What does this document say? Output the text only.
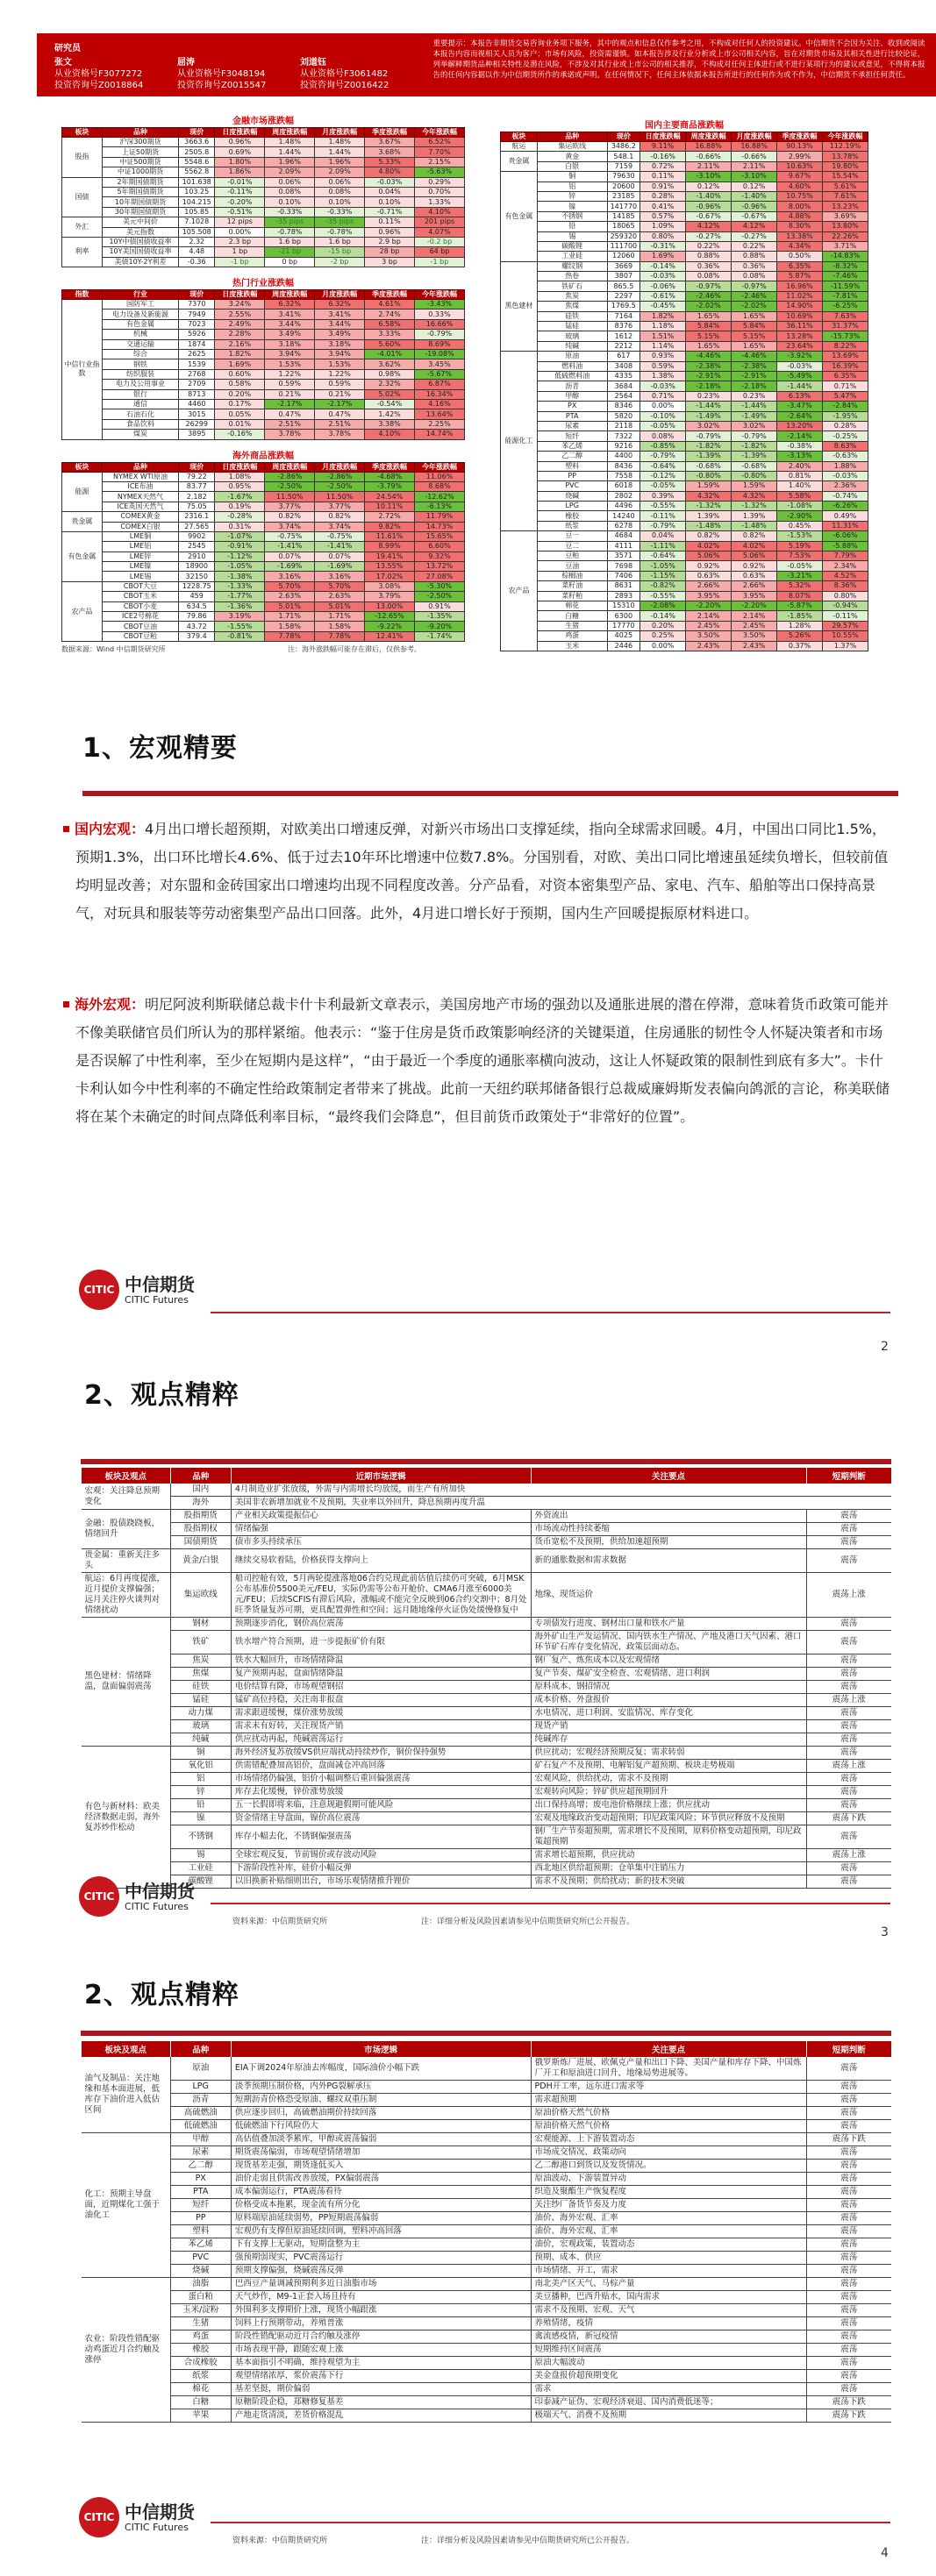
研究员
张文
从业资格号F3077272
投资咨询号Z0018864
屈涛
从业资格号F3048194
投资咨询号Z0015547
刘道钰
从业资格号F3061482
投资咨询号Z0016422
重要提示：本报告非期货交易咨询业务项下服务，其中的观点和信息仅作参考之用，不构成对任何人的投资建议。中信期货不会因为关注、收到或阅读本报告内容而视相关人员为客户；市场有风险，投资需谨慎。如本报告涉及行业分析或上市公司相关内容，旨在对期货市场及其相关性进行比较论证，列举解释期货品种相关特性及潜在风险，不涉及对其行业或上市公司的相关推荐，不构成对任何主体进行或不进行某项行为的建议或意见，不得将本报告的任何内容据以作为中信期货所作的承诺或声明。在任何情况下，任何主体依据本报告所进行的任何作为或不作为，中信期货不承担任何责任。
金融市场涨跌幅
板块	品种	现价	日度涨跌幅	周度涨跌幅	月度涨跌幅	季度涨跌幅	今年涨跌幅
股指	沪深300期货	3663.6	0.96%	1.48%	1.48%	3.67%	6.52%
	上证50期货	2505.8	0.69%	1.44%	1.44%	3.68%	7.70%
	中证500期货	5548.6	1.80%	1.96%	1.96%	5.33%	2.15%
	中证1000期货	5562.8	1.86%	2.09%	2.09%	4.80%	-5.63%
国债	2年期国债期货	101.638	-0.01%	0.06%	0.06%	-0.03%	0.29%
	5年期国债期货	103.25	-0.11%	0.08%	0.08%	0.04%	0.70%
	10年期国债期货	104.215	-0.20%	0.10%	0.10%	0.10%	1.33%
	30年期国债期货	105.85	-0.51%	-0.33%	-0.33%	-0.71%	4.10%
外汇	美元中间价	7.1028	12 pips	-35 pips	-35 pips	0.11%	201 pips
	美元指数	105.508	0.00%	-0.78%	-0.78%	0.96%	4.07%
利率	10Y中债国债收益率	2.32	2.3 bp	1.6 bp	1.6 bp	2.9 bp	-0.2 bp
	10Y美国国债收益率	4.48	1 bp	-21 bp	-15 bp	28 bp	64 bp
	美债10Y-2Y利差	-0.36	-1 bp	0 bp	-2 bp	3 bp	-1 bp
热门行业涨跌幅
指数	行业	现价	日度涨跌幅	周度涨跌幅	月度涨跌幅	季度涨跌幅	今年涨跌幅
中信行业指数	国防军工	7370	3.24%	6.32%	6.32%	4.61%	-3.43%
	电力设备及新能源	7949	2.55%	3.41%	3.41%	2.74%	0.33%
	有色金属	7023	2.49%	3.44%	3.44%	6.58%	16.66%
	机械	5926	2.28%	3.49%	3.49%	3.33%	-0.79%
	交通运输	1874	2.16%	3.18%	3.18%	5.60%	8.69%
	综合	2625	1.82%	3.94%	3.94%	-4.01%	-19.08%
	钢铁	1539	1.69%	1.53%	1.53%	3.62%	3.45%
	纺织服装	2768	0.60%	1.22%	1.22%	0.98%	-5.67%
	电力及公用事业	2709	0.58%	0.59%	0.59%	2.32%	6.87%
	银行	8713	0.20%	0.21%	0.21%	5.02%	16.34%
	通信	4460	0.17%	-2.17%	-2.17%	-0.54%	4.16%
	石油石化	3015	0.05%	0.47%	0.47%	1.42%	13.64%
	食品饮料	26299	0.01%	2.51%	2.51%	3.38%	2.25%
	煤炭	3895	-0.16%	3.78%	3.78%	4.10%	14.74%
海外商品涨跌幅
板块	品种	现价	日度涨跌幅	周度涨跌幅	月度涨跌幅	季度涨跌幅	今年涨跌幅
能源	NYMEX WTI原油	79.22	1.08%	-2.86%	-2.86%	-4.68%	11.06%
	ICE布油	83.77	0.95%	-2.50%	-2.50%	-3.79%	8.68%
	NYMEX天然气	2.182	-1.67%	11.50%	11.50%	24.54%	-12.62%
	ICE英国天然气	75.05	0.19%	3.77%	3.77%	10.11%	-6.13%
贵金属	COMEX黄金	2316.1	-0.28%	0.82%	0.82%	2.72%	11.79%
	COMEX白银	27.565	0.31%	3.74%	3.74%	9.82%	14.73%
有色金属	LME铜	9902	-1.07%	-0.75%	-0.75%	11.61%	15.65%
	LME铝	2545	-0.91%	-1.41%	-1.41%	8.99%	6.60%
	LME锌	2910	-1.12%	0.07%	0.07%	19.41%	9.32%
	LME镍	18900	-1.05%	-1.69%	-1.69%	13.55%	13.72%
	LME锡	32150	-1.38%	3.16%	3.16%	17.02%	27.08%
农产品	CBOT大豆	1228.75	-1.33%	5.70%	5.70%	3.08%	-5.30%
	CBOT玉米	459	-1.77%	2.63%	2.63%	3.79%	-2.50%
	CBOT小麦	634.5	-1.36%	5.01%	5.01%	13.00%	0.91%
	ICE2号棉花	79.86	3.19%	1.71%	1.71%	-12.65%	-1.35%
	CBOT豆油	43.72	-1.55%	1.58%	1.58%	-9.22%	-9.20%
	CBOT豆粕	379.4	-0.81%	7.78%	7.78%	12.41%	-1.74%
数据来源：Wind 中信期货研究所	注：海外涨跌幅可能存在滞后，仅供参考。
国内主要商品涨跌幅
板块	品种	现价	日度涨跌幅	周度涨跌幅	月度涨跌幅	季度涨跌幅	今年涨跌幅
航运	集运欧线	3486.2	9.11%	16.88%	16.88%	90.13%	112.19%
贵金属	黄金	548.1	-0.16%	-0.66%	-0.66%	2.99%	13.78%
	白银	7159	0.72%	2.11%	2.11%	10.63%	19.80%
有色金属	铜	79630	0.11%	-3.10%	-3.10%	9.67%	15.54%
	铝	20600	0.91%	0.12%	0.12%	4.60%	5.61%
	锌	23185	0.28%	-1.40%	-1.40%	10.75%	7.61%
	镍	141770	0.41%	-0.96%	-0.96%	8.00%	13.23%
	不锈钢	14185	0.57%	-0.67%	-0.67%	4.88%	3.69%
	铅	18065	1.09%	4.12%	4.12%	8.30%	13.80%
	锡	259320	0.80%	-0.27%	-0.27%	13.38%	22.26%
	碳酸锂	111700	-0.31%	0.22%	0.22%	4.34%	3.71%
	工业硅	12060	1.69%	0.88%	0.88%	0.50%	-14.83%
黑色建材	螺纹钢	3669	-0.14%	0.36%	0.36%	6.35%	-8.32%
	热卷	3807	-0.03%	0.08%	0.08%	5.87%	-7.46%
	铁矿石	865.5	-0.06%	-0.97%	-0.97%	16.96%	-11.59%
	焦炭	2297	-0.61%	-2.46%	-2.46%	11.02%	-7.81%
	焦煤	1769.5	-0.45%	-2.02%	-2.02%	14.90%	-6.25%
	硅铁	7164	1.82%	1.65%	1.65%	10.69%	7.63%
	锰硅	8376	1.18%	5.84%	5.84%	36.11%	31.37%
	玻璃	1612	1.51%	5.15%	5.15%	13.28%	-15.73%
	纯碱	2212	1.14%	1.65%	1.65%	23.64%	8.22%
能源化工	原油	617	0.93%	-4.46%	-4.46%	-3.92%	13.69%
	燃料油	3408	0.59%	-2.38%	-2.38%	-0.03%	16.39%
	低硫燃料油	4335	1.38%	-2.91%	-2.91%	-5.49%	6.35%
	沥青	3684	-0.03%	-2.18%	-2.18%	-1.44%	0.71%
	甲醇	2564	0.71%	0.23%	0.23%	6.13%	5.47%
	PX	8346	0.00%	-1.44%	-1.44%	-3.47%	-2.84%
	PTA	5820	-0.10%	-1.49%	-1.49%	-2.64%	-1.95%
	尿素	2118	-0.05%	3.02%	3.02%	13.20%	0.28%
	短纤	7322	0.08%	-0.79%	-0.79%	-2.14%	-0.25%
	苯乙烯	9216	-0.85%	-1.82%	-1.82%	-0.38%	8.63%
	乙二醇	4400	-0.79%	-1.39%	-1.39%	-3.13%	-0.63%
	塑料	8436	-0.64%	-0.68%	-0.68%	2.40%	1.88%
	PP	7558	-0.12%	-0.80%	-0.80%	0.81%	-0.03%
	PVC	6018	-0.05%	1.59%	1.59%	1.40%	2.36%
	烧碱	2802	0.39%	4.32%	4.32%	5.58%	-0.74%
	LPG	4496	-0.55%	-1.32%	-1.32%	-1.08%	-6.26%
	橡胶	14240	-0.11%	1.39%	1.39%	-2.90%	0.49%
	纸浆	6278	-0.79%	-1.48%	-1.48%	0.45%	11.31%
农产品	豆一	4684	0.04%	0.82%	0.82%	-1.53%	-6.06%
	豆二	4111	-1.11%	4.02%	4.02%	5.19%	-5.88%
	豆粕	3571	-0.64%	5.06%	5.06%	7.53%	7.79%
	豆油	7698	-1.05%	0.92%	0.92%	-0.05%	2.34%
	棕榈油	7406	-1.15%	0.63%	0.63%	-3.21%	4.52%
	菜籽油	8631	-0.82%	2.66%	2.66%	5.32%	8.36%
	菜籽粕	2893	-0.55%	3.95%	3.95%	8.07%	0.80%
	棉花	15310	-2.08%	-2.20%	-2.20%	-5.87%	-0.94%
	白糖	6300	-0.14%	2.14%	2.14%	-1.85%	-0.11%
	生猪	17770	0.20%	2.45%	2.45%	1.28%	29.57%
	鸡蛋	4025	0.25%	3.50%	3.50%	5.26%	10.55%
	玉米	2446	0.00%	2.43%	2.43%	0.37%	1.37%
1、宏观精要
国内宏观：4月出口增长超预期，对欧美出口增速反弹，对新兴市场出口支撑延续，指向全球需求回暖。4月，中国出口同比1.5%，预期1.3%，出口环比增长4.6%、低于过去10年环比增速中位数7.8%。分国别看，对欧、美出口同比增速虽延续负增长，但较前值均明显改善；对东盟和金砖国家出口增速均出现不同程度改善。分产品看，对资本密集型产品、家电、汽车、船舶等出口保持高景气，对玩具和服装等劳动密集型产品出口回落。此外，4月进口增长好于预期，国内生产回暖提振原材料进口。
海外宏观：明尼阿波利斯联储总裁卡什卡利最新文章表示，美国房地产市场的强劲以及通胀进展的潜在停滞，意味着货币政策可能并不像美联储官员们所认为的那样紧缩。他表示：“鉴于住房是货币政策影响经济的关键渠道，住房通胀的韧性令人怀疑决策者和市场是否误解了中性利率，至少在短期内是这样”，“由于最近一个季度的通胀率横向波动，这让人怀疑政策的限制性到底有多大”。卡什卡利认如今中性利率的不确定性给政策制定者带来了挑战。此前一天纽约联邦储备银行总裁威廉姆斯发表偏向鸽派的言论，称美联储将在某个未确定的时间点降低利率目标，“最终我们会降息”，但目前货币政策处于“非常好的位置”。
CITIC 中信期货
CITIC Futures
2
2、观点精粹
板块及观点	品种	近期市场逻辑	关注要点	短期判断
宏观：关注降息预期变化	国内	4月制造业扩张放缓，外需与内需增长均放缓，而生产有所加快		
	海外	美国非农新增加就业不及预期，失业率以外回升，降息预期再度升温		
金融：股债跷跷板，情绪回升	股指期货	产业相关政策提振信心	外资流出	震荡
	股指期权	情绪偏强	市场流动性持续萎缩	震荡
	国债期货	债市多头持续承压	货币宽松不及预期，供给加速超预期	震荡
贵金属：重新关注多头	黄金/白银	继续交易软着陆，价格获得支撑向上	新的通胀数据和需求数据	震荡
航运：6月再度提涨，近月提价支撑偏强；远月关注停火谈判对情绪扰动	集运欧线	船司控舱有效，5月两轮提涨落地06合约兑现此前估值后续仍可突破，6月MSK公布基准价5500美元/FEU，实际仍需等公布开舱价、CMA6月涨至6000美元/FEU；后续SCFIS有滞后风险，涨幅或不能完全反映到06合约交割中；8月处旺季货量复苏可期，更具配置弹性和空间；远月随地缘停火证伪处缓慢修复中	地缘、现货运价	震荡上涨
黑色建材：情绪降温，盘面偏弱震荡	钢材	预期逐步消化，钢价高位震荡	专项债发行进度、钢材出口量和铁水产量	震荡
	铁矿	铁水增产符合预期，进一步提振矿价有限	海外矿山生产发运情况、国内铁水生产情况、产地及港口天气因素、港口环节矿石库存变化情况、政策层面动态。	震荡
	焦炭	铁水大幅回升，市场情绪降温	钢厂复产、炼焦成本以及宏观情绪	震荡
	焦煤	复产预期再起，盘面情绪降温	复产节奏、煤矿安全检查、宏观情绪、进口利润	震荡
	硅铁	电价结算有降，市场观望钢招	原料成本、钢招情况	震荡
	锰硅	锰矿高位持稳，关注南非报盘	成本价格、外盘报价	震荡上涨
	动力煤	需求跟进缓慢，煤价涨势放缓	水电情况、进口利润、安监情况、库存变化	震荡
	玻璃	需求未有好转，关注现货产销	现货产销	震荡
	纯碱	供应扰动再起，纯碱震荡运行	纯碱库存	震荡
有色与新材料：欧美经济数据走弱，海外复苏炒作松动	铜	海外经济复苏放缓VS供应端扰动持续炒作，铜价保持强势	供应扰动；宏观经济预期反复；需求转弱	震荡
	氧化铝	供需错配叠加高铝价，盘面减仓冲高回落	矿石复产不及预期、电解铝复产超预期、板块走势极端	震荡上涨
	铝	市场情绪仍偏强，铝价小幅调整后重回偏强震荡	宏观风险，供给扰动，需求不及预期	震荡
	锌	库存去化缓慢，锌价涨势放缓	宏观转向风险；锌矿供应超预期回升	震荡
	铅	五一长假即将来临，注意规避假期可能风险	出口保持高增；废电池价格继续上涨；供应扰动	震荡
	镍	资金情绪主导盘面，镍价高位震荡	宏观及地缘政治变动超预期；印尼政策风险；环节供应释放不及预期	震荡下跌
	不锈钢	库存小幅去化，不锈钢偏强震荡	钢厂生产节奏超预期，需求增长不及预期，原料价格变动超预期，印尼政策超预期	震荡
	锡	全球宏观反复，节前锡价或存波动风险	需求增长超预期，供应扰动	震荡上涨
	工业硅	下游阶段性补库，硅价小幅反弹	西北地区供给超预期；仓单集中注销压力	震荡
	碳酸锂	以旧换新补贴细则出台，市场乐观情绪推升锂价	需求不及预期；供给扰动；新的技术突破	震荡
CITIC 中信期货
CITIC Futures
资料来源：中信期货研究所	注：详细分析及风险因素请参见中信期货研究所已公开报告。
3
2、观点精粹
板块及观点	品种	市场逻辑	关注要点	短期判断
油气及制品：关注地缘和基本面进展，低库存下油价进入低估区间	原油	EIA下调2024年原油去库幅度，国际油价小幅下跌	俄罗斯炼厂进展、欧佩克产量和出口下降、美国产量和库存下降、中国炼厂开工和原油进口回升、地缘局势进展等。	震荡
	LPG	淡季预期压制价格，内外PG裂解承压	PDH开工率，远东进口需求等	震荡
	沥青	短期沥青价格恐受原油、螺纹双重压制	需求超预期	震荡
	高硫燃油	供应逐步回归，高硫燃油期价持续回落	原油价格天然气价格	震荡
	低硫燃油	低硫燃油下行风险仍大	原油价格天然气价格	震荡
化工：预期主导盘面，近期煤化工强于油化工	甲醇	高估值叠加淡季累库，甲醇或震荡偏弱	宏观能源、上下游装置动态	震荡下跌
	尿素	期货震荡偏弱，市场观望情绪增加	市场成交情况、政策动向	震荡
	乙二醇	现货基差走强，期货逢低买入	乙二醇港口到货以及发货情况。	震荡
	PX	油价走弱且供需改善放缓，PX偏弱震荡	原油波动、下游装置异动	震荡
	PTA	成本偏弱运行，PTA震荡看待	织造及聚酯生产恢复程度	震荡
	短纤	价格受成本拖累，现金流有所分化	关注纱厂备货节奏及力度	震荡
	PP	原料端原油延续弱势，PP短期震荡偏弱	油价、海外宏观、汇率	震荡
	塑料	宏观仍有支撑但原油延续回调，塑料冲高回落	油价、海外宏观、汇率	震荡
	苯乙烯	下有支撑上无驱动，短期盘整为主	油价，宏观政策，装置动态	震荡
	PVC	强预期弱现实，PVC震荡运行	预期、成本、供应	震荡
	烧碱	预期支撑偏强，烧碱震荡反弹	市场情绪、开工，需求	震荡
农业：阶段性错配驱动鸡蛋近月合约触及涨停	油脂	巴西豆产量调减预期利多近日油脂市场	南北美产区天气、马棕产量	震荡
	蛋白粕	天气炒作，M9-1正套入场且持有	美豆播种，巴西升贴水，国内需求	震荡
	玉米/淀粉	外围利多支撑期价上涨，现货小幅跟涨	需求不及预期、宏观、天气	震荡
	生猪	饲料上行预期带动，养殖普涨	养殖情绪，疫情	震荡
	鸡蛋	阶段性错配驱动近月合约触及涨停	禽流感疫情，新冠疫情	震荡
	橡胶	市场表现平静，跟随宏观上涨	短期维持区间震荡	震荡
	合成橡胶	基本面指引不明确，维持观望为主	原油大幅波动	震荡
	纸浆	观望情绪浓厚，浆价震荡下行	美金盘报价超预期变化	震荡
	棉花	基差坚挺，期价偏弱	需求	震荡
	白糖	原糖阶段企稳，郑糖修复基差	印泰减产证伪、宏观经济衰退、国内消费低迷等；	震荡下跌
	苹果	产地走货清淡，差货价格混乱	极端天气、消费不及预期	震荡下跌
CITIC 中信期货
CITIC Futures
资料来源：中信期货研究所	注：详细分析及风险因素请参见中信期货研究所已公开报告。
4
